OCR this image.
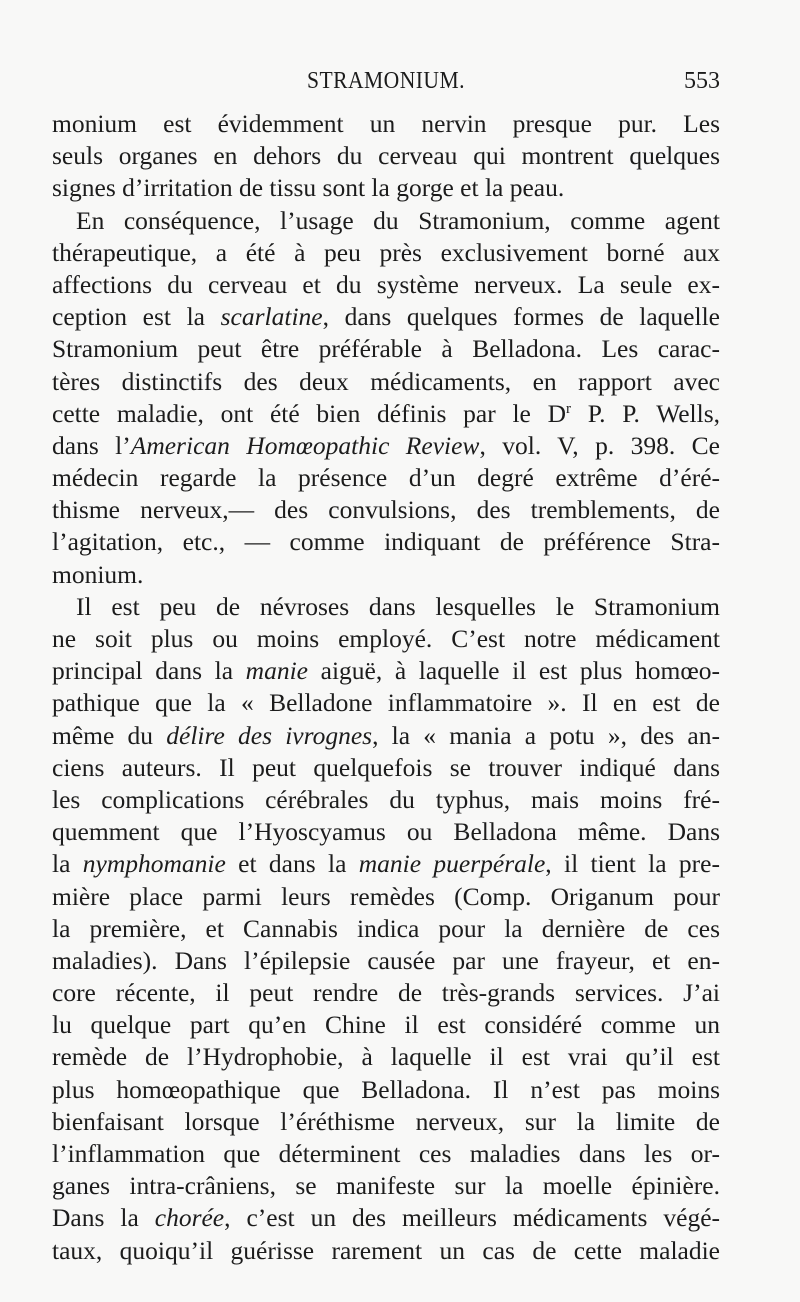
STRAMONIUM.	553
monium est évidemment un nervin presque pur. Les
seuls organes en dehors du cerveau qui montrent quelques
signes d’irritation de tissu sont la gorge et la peau.
En conséquence, l’usage du Stramonium, comme agent
thérapeutique, a été à peu près exclusivement borné aux
affections du cerveau et du système nerveux. La seule ex-
ception est la scarlatine, dans quelques formes de laquelle
Stramonium peut être préférable à Belladona. Les carac-
tères distinctifs des deux médicaments, en rapport avec
cette maladie, ont été bien définis par le $D^r$ P. P. Wells,
dans l’American Homœopathic Review, vol. V, p. 398. Ce
médecin regarde la présence d’un degré extrême d’éré-
thisme nerveux,— des convulsions, des tremblements, de
l’agitation, etc., — comme indiquant de préférence Stra-
monium.
Il est peu de névroses dans lesquelles le Stramonium
ne soit plus ou moins employé. C’est notre médicament
principal dans la manie aiguë, à laquelle il est plus homœo-
pathique que la « Belladone inflammatoire ». Il en est de
même du délire des ivrognes, la « mania a potu », des an-
ciens auteurs. Il peut quelquefois se trouver indiqué dans
les complications cérébrales du typhus, mais moins fré-
quemment que l’Hyoscyamus ou Belladona même. Dans
la nymphomanie et dans la manie puerpérale, il tient la pre-
mière place parmi leurs remèdes (Comp. Origanum pour
la première, et Cannabis indica pour la dernière de ces
maladies). Dans l’épilepsie causée par une frayeur, et en-
core récente, il peut rendre de très-grands services. J’ai
lu quelque part qu’en Chine il est considéré comme un
remède de l’Hydrophobie, à laquelle il est vrai qu’il est
plus homœopathique que Belladona. Il n’est pas moins
bienfaisant lorsque l’éréthisme nerveux, sur la limite de
l’inflammation que déterminent ces maladies dans les or-
ganes intra-crâniens, se manifeste sur la moelle épinière.
Dans la chorée, c’est un des meilleurs médicaments végé-
taux, quoiqu’il guérisse rarement un cas de cette maladie
